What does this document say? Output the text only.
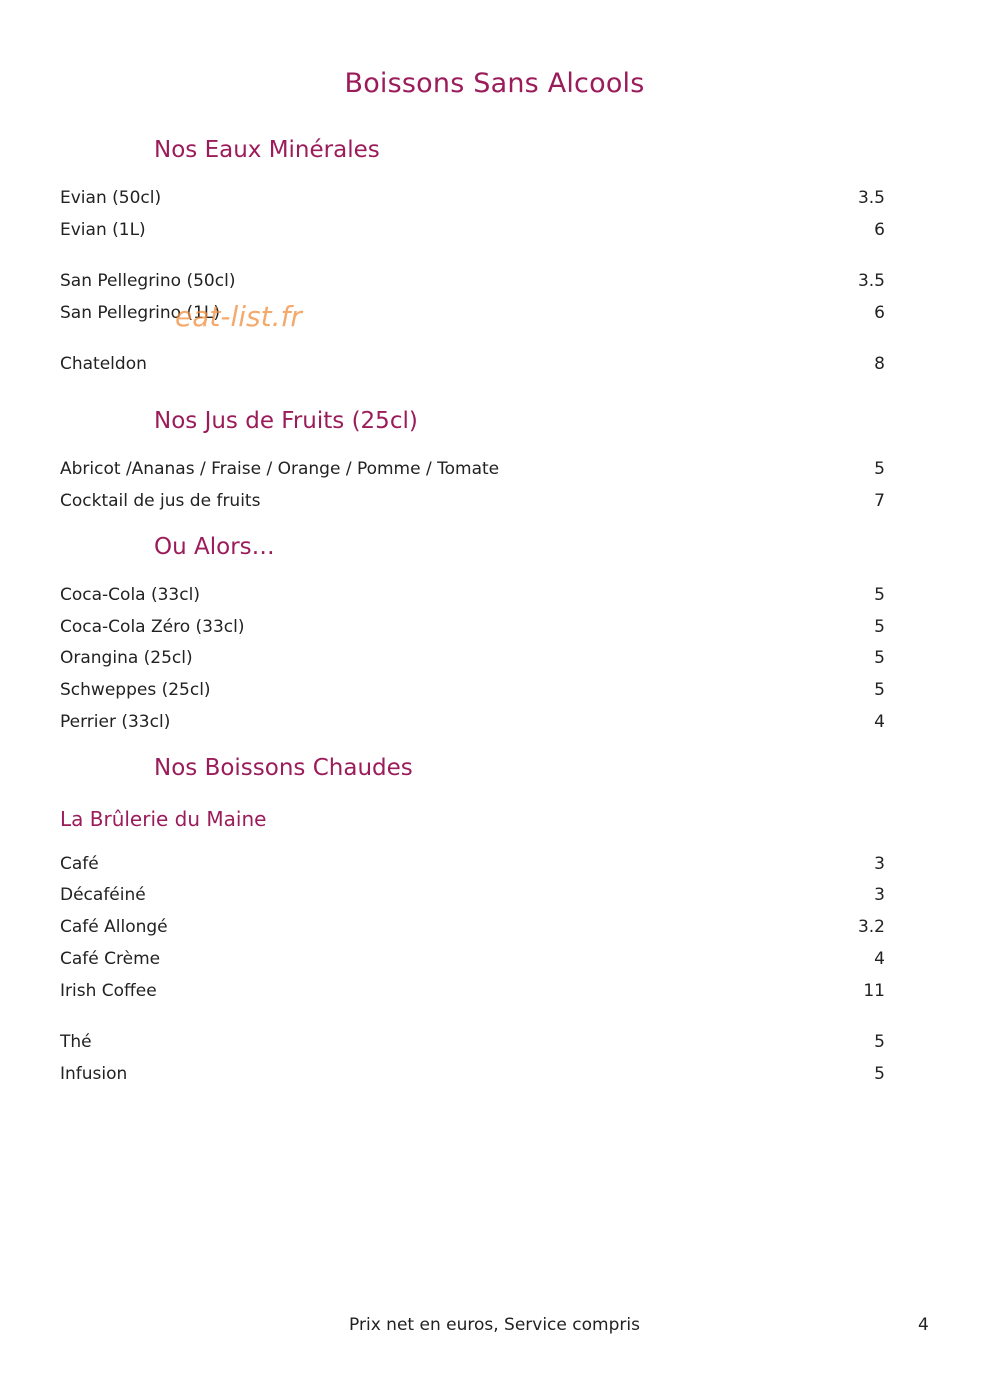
Boissons Sans Alcools
Nos Eaux Minérales
Evian (50cl)	3.5
Evian (1L)	6
San Pellegrino (50cl)	3.5
San Pellegrino (1L)	6
Chateldon	8
eat-list.fr
Nos Jus de Fruits (25cl)
Abricot /Ananas / Fraise / Orange / Pomme / Tomate	5
Cocktail de jus de fruits	7
Ou Alors…
Coca-Cola (33cl)	5
Coca-Cola Zéro (33cl)	5
Orangina (25cl)	5
Schweppes (25cl)	5
Perrier (33cl)	4
Nos Boissons Chaudes
La Brûlerie du Maine
Café	3
Décaféiné	3
Café Allongé	3.2
Café Crème	4
Irish Coffee	11
Thé	5
Infusion	5
Prix net en euros, Service compris	4
